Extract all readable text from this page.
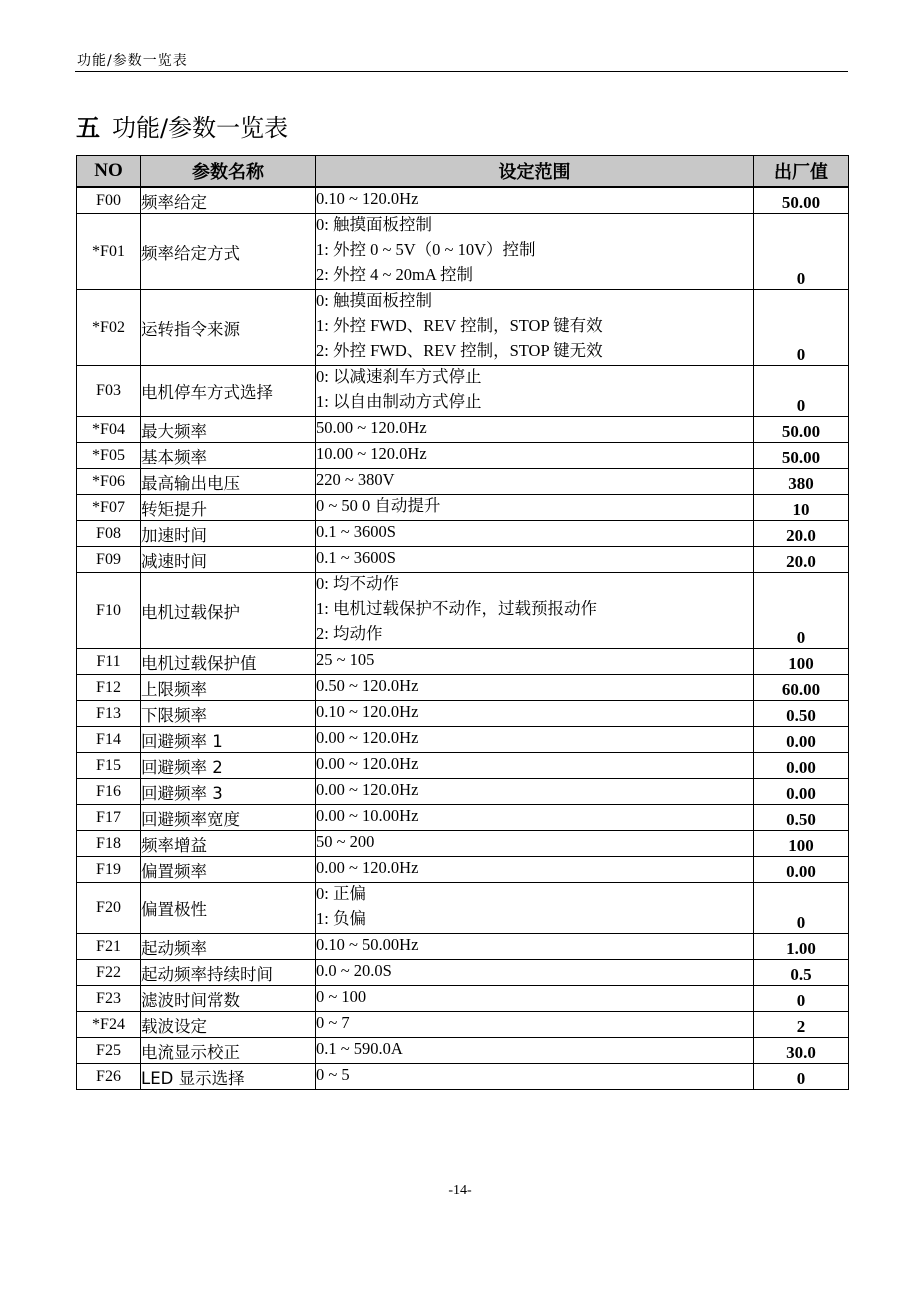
功能/参数一览表
五 功能/参数一览表
NO	参数名称	设定范围	出厂值
F00	频率给定	0.10 ~ 120.0Hz	50.00
*F01	频率给定方式	0: 触摸面板控制
1: 外控 0 ~ 5V（0 ~ 10V）控制
2: 外控 4 ~ 20mA 控制	0
*F02	运转指令来源	0: 触摸面板控制
1: 外控 FWD、REV 控制，STOP 键有效
2: 外控 FWD、REV 控制，STOP 键无效	0
F03	电机停车方式选择	0: 以减速刹车方式停止
1: 以自由制动方式停止	0
*F04	最大频率	50.00 ~ 120.0Hz	50.00
*F05	基本频率	10.00 ~ 120.0Hz	50.00
*F06	最高输出电压	220 ~ 380V	380
*F07	转矩提升	0 ~ 50 0 自动提升	10
F08	加速时间	0.1 ~ 3600S	20.0
F09	减速时间	0.1 ~ 3600S	20.0
F10	电机过载保护	0: 均不动作
1: 电机过载保护不动作，过载预报动作
2: 均动作	0
F11	电机过载保护值	25 ~ 105	100
F12	上限频率	0.50 ~ 120.0Hz	60.00
F13	下限频率	0.10 ~ 120.0Hz	0.50
F14	回避频率 1	0.00 ~ 120.0Hz	0.00
F15	回避频率 2	0.00 ~ 120.0Hz	0.00
F16	回避频率 3	0.00 ~ 120.0Hz	0.00
F17	回避频率宽度	0.00 ~ 10.00Hz	0.50
F18	频率增益	50 ~ 200	100
F19	偏置频率	0.00 ~ 120.0Hz	0.00
F20	偏置极性	0: 正偏
1: 负偏	0
F21	起动频率	0.10 ~ 50.00Hz	1.00
F22	起动频率持续时间	0.0 ~ 20.0S	0.5
F23	滤波时间常数	0 ~ 100	0
*F24	载波设定	0 ~ 7	2
F25	电流显示校正	0.1 ~ 590.0A	30.0
F26	LED 显示选择	0 ~ 5	0
-14-
